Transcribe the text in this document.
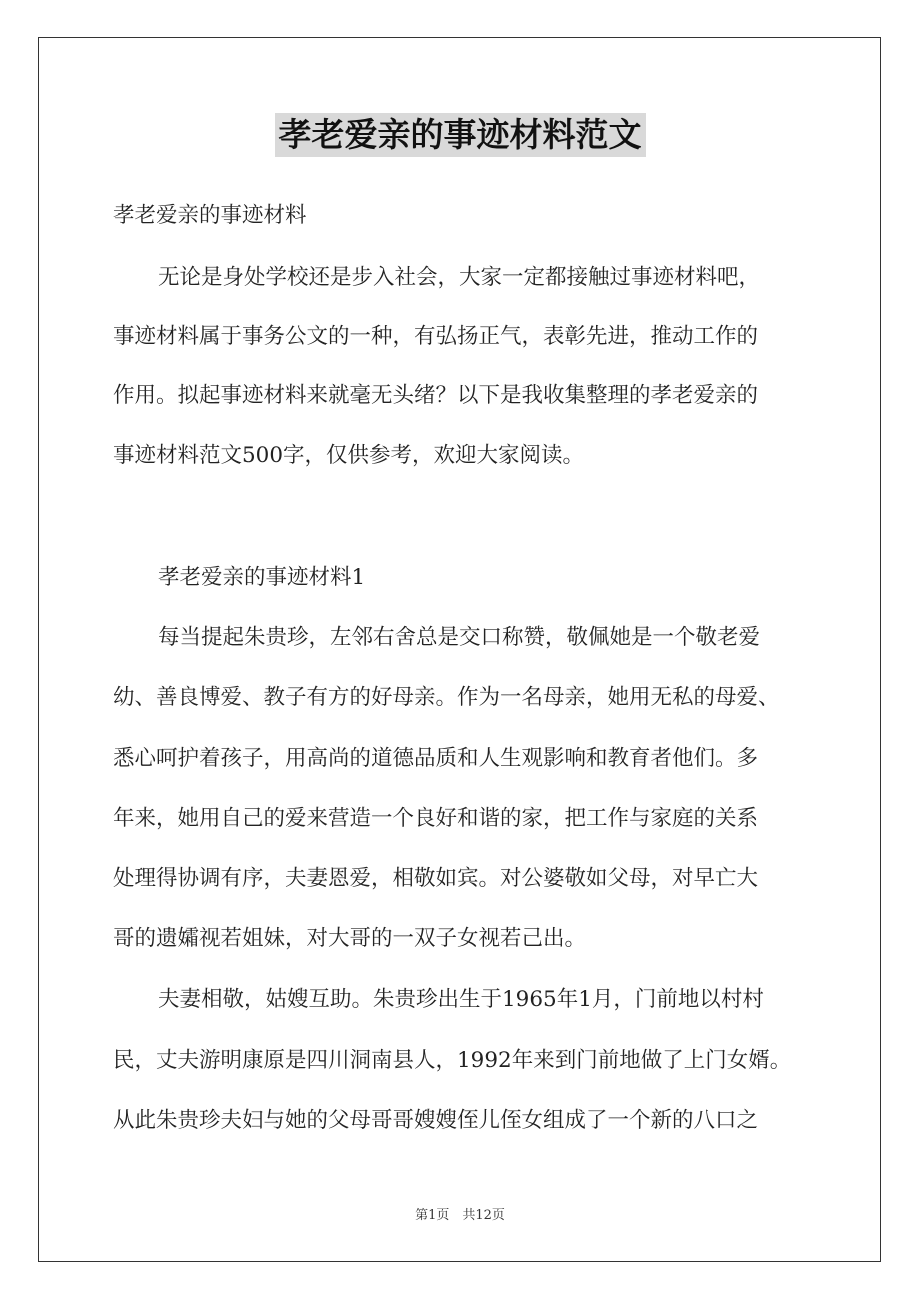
孝老爱亲的事迹材料范文
孝老爱亲的事迹材料
无论是身处学校还是步入社会，大家一定都接触过事迹材料吧，
事迹材料属于事务公文的一种，有弘扬正气，表彰先进，推动工作的
作用。拟起事迹材料来就毫无头绪？以下是我收集整理的孝老爱亲的
事迹材料范文500字，仅供参考，欢迎大家阅读。
孝老爱亲的事迹材料1
每当提起朱贵珍，左邻右舍总是交口称赞，敬佩她是一个敬老爱
幼、善良博爱、教子有方的好母亲。作为一名母亲，她用无私的母爱、
悉心呵护着孩子，用高尚的道德品质和人生观影响和教育者他们。多
年来，她用自己的爱来营造一个良好和谐的家，把工作与家庭的关系
处理得协调有序，夫妻恩爱，相敬如宾。对公婆敬如父母，对早亡大
哥的遗孀视若姐妹，对大哥的一双子女视若己出。
夫妻相敬，姑嫂互助。朱贵珍出生于1965年1月，门前地以村村
民，丈夫游明康原是四川洞南县人，1992年来到门前地做了上门女婿。
从此朱贵珍夫妇与她的父母哥哥嫂嫂侄儿侄女组成了一个新的八口之
第1页　共12页
